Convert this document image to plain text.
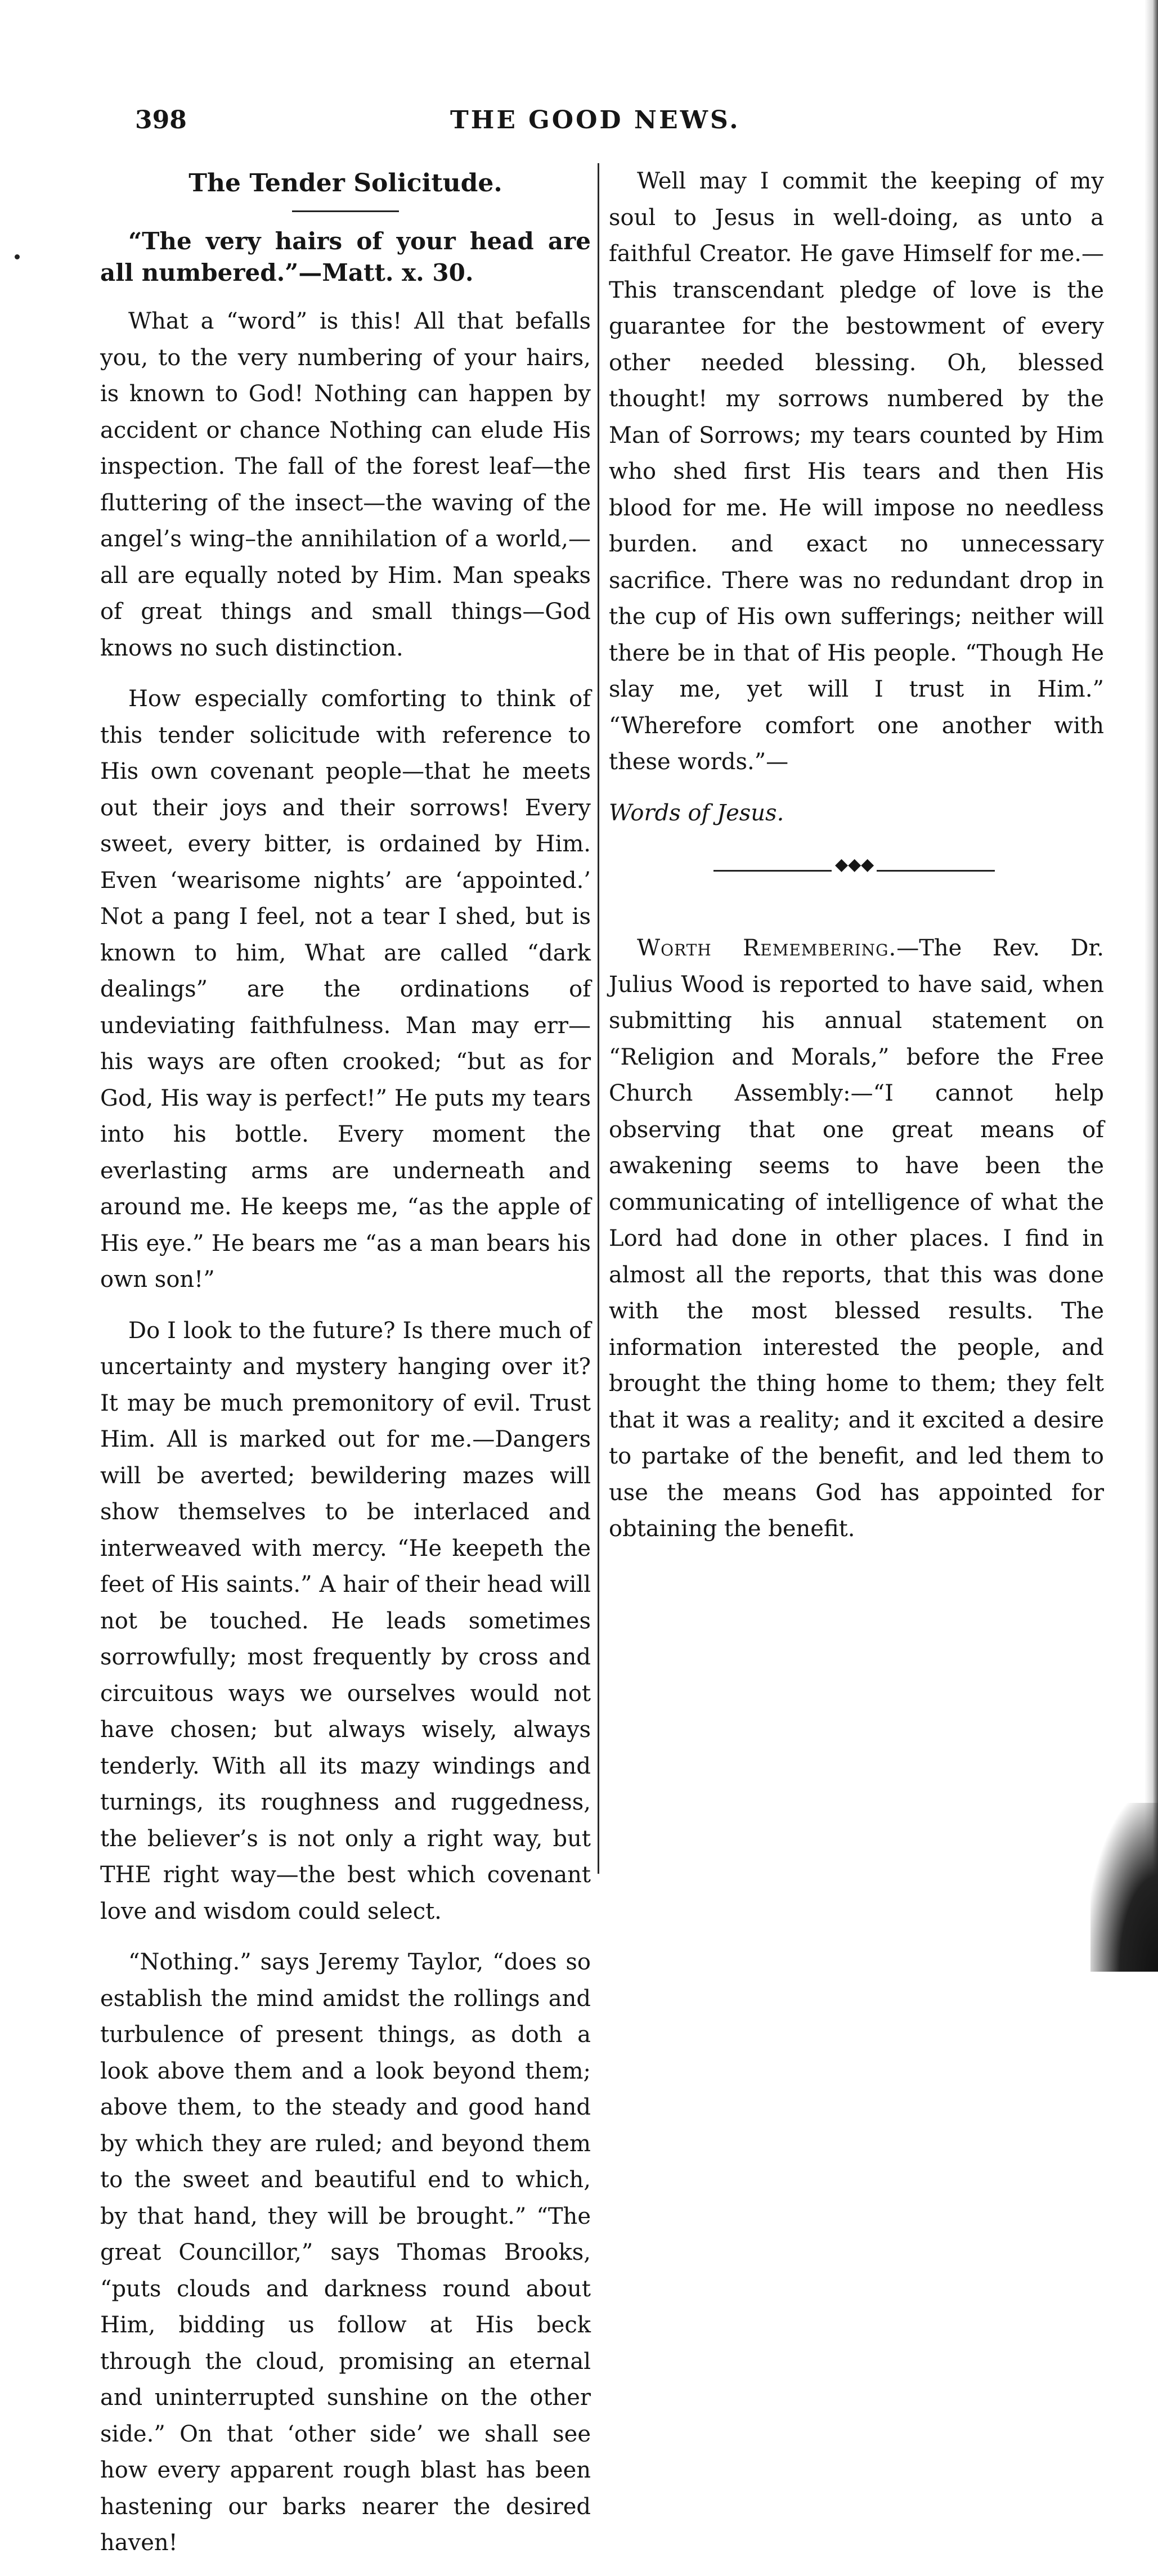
398	THE GOOD NEWS.
The Tender Solicitude.

“The very hairs of your head are all numbered.”—Matt. x. 30.

What a “word” is this! All that befalls you, to the very numbering of your hairs, is known to God! Nothing can happen by accident or chance Nothing can elude His inspection. The fall of the forest leaf—the fluttering of the insect—the waving of the angel’s wing–the annihilation of a world,—all are equally noted by Him. Man speaks of great things and small things—God knows no such distinction.

How especially comforting to think of this tender solicitude with reference to His own covenant people—that he meets out their joys and their sorrows! Every sweet, every bitter, is ordained by Him. Even ‘wearisome nights’ are ‘appointed.’ Not a pang I feel, not a tear I shed, but is known to him, What are called “dark dealings” are the ordinations of undeviating faithfulness. Man may err—his ways are often crooked; “but as for God, His way is perfect!” He puts my tears into his bottle. Every moment the everlasting arms are underneath and around me. He keeps me, “as the apple of His eye.” He bears me “as a man bears his own son!”

Do I look to the future? Is there much of uncertainty and mystery hanging over it? It may be much premonitory of evil. Trust Him. All is marked out for me.—Dangers will be averted; bewildering mazes will show themselves to be interlaced and interweaved with mercy. “He keepeth the feet of His saints.” A hair of their head will not be touched. He leads sometimes sorrowfully; most frequently by cross and circuitous ways we ourselves would not have chosen; but always wisely, always tenderly. With all its mazy windings and turnings, its roughness and ruggedness, the believer’s is not only a right way, but THE right way—the best which covenant love and wisdom could select.

“Nothing.” says Jeremy Taylor, “does so establish the mind amidst the rollings and turbulence of present things, as doth a look above them and a look beyond them; above them, to the steady and good hand by which they are ruled; and beyond them to the sweet and beautiful end to which, by that hand, they will be brought.” “The great Councillor,” says Thomas Brooks, “puts clouds and darkness round about Him, bidding us follow at His beck through the cloud, promising an eternal and uninterrupted sunshine on the other side.” On that ‘other side’ we shall see how every apparent rough blast has been hastening our barks nearer the desired haven!

Well may I commit the keeping of my soul to Jesus in well-doing, as unto a faithful Creator. He gave Himself for me.—This transcendant pledge of love is the guarantee for the bestowment of every other needed blessing. Oh, blessed thought! my sorrows numbered by the Man of Sorrows; my tears counted by Him who shed first His tears and then His blood for me. He will impose no needless burden. and exact no unnecessary sacrifice. There was no redundant drop in the cup of His own sufferings; neither will there be in that of His people. “Though He slay me, yet will I trust in Him.” “Wherefore comfort one another with these words.”—

Words of Jesus.

Worth Remembering.—The Rev. Dr. Julius Wood is reported to have said, when submitting his annual statement on “Religion and Morals,” before the Free Church Assembly:—“I cannot help observing that one great means of awakening seems to have been the communicating of intelligence of what the Lord had done in other places. I find in almost all the reports, that this was done with the most blessed results. The information interested the people, and brought the thing home to them; they felt that it was a reality; and it excited a desire to partake of the benefit, and led them to use the means God has appointed for obtaining the benefit.

◆◆◆
